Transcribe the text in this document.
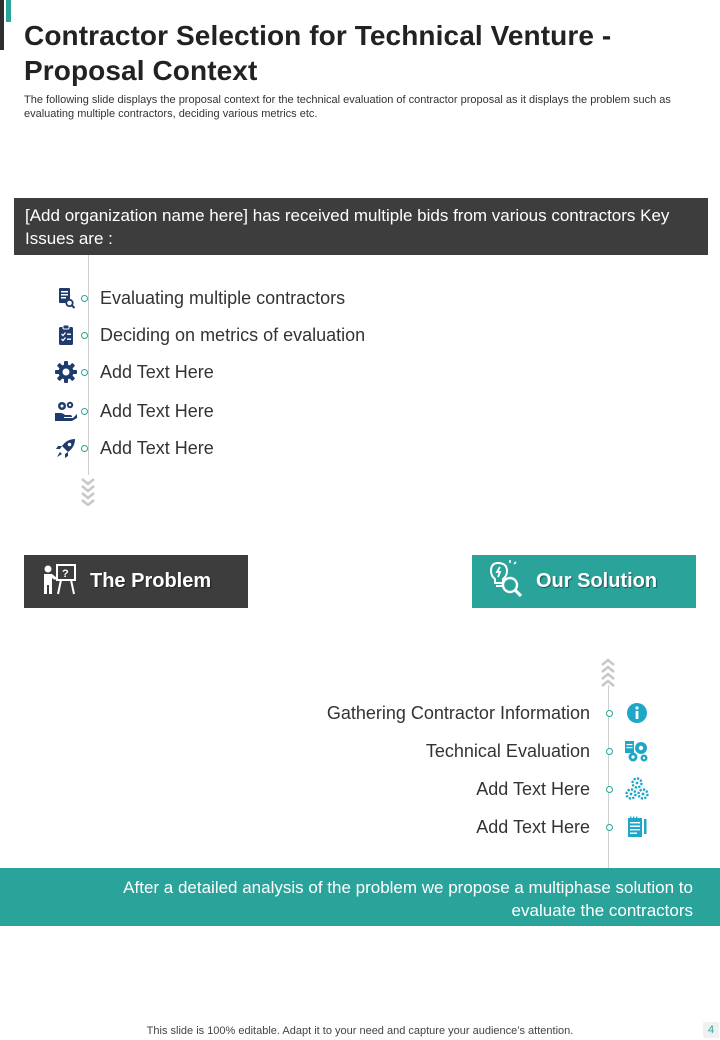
Contractor Selection for Technical Venture - Proposal Context

The following slide displays the proposal context for the technical evaluation of contractor proposal as it displays the problem such as evaluating multiple contractors, deciding various metrics etc.

[Add organization name here] has received multiple bids from various contractors Key Issues are :
Evaluating multiple contractors
Deciding on metrics of evaluation
Add Text Here
Add Text Here
Add Text Here
? The Problem	Our Solution
Gathering Contractor Information
Technical Evaluation
Add Text Here
Add Text Here
After a detailed analysis of the problem we propose a multiphase solution to evaluate the contractors
This slide is 100% editable. Adapt it to your need and capture your audience’s attention.	4
